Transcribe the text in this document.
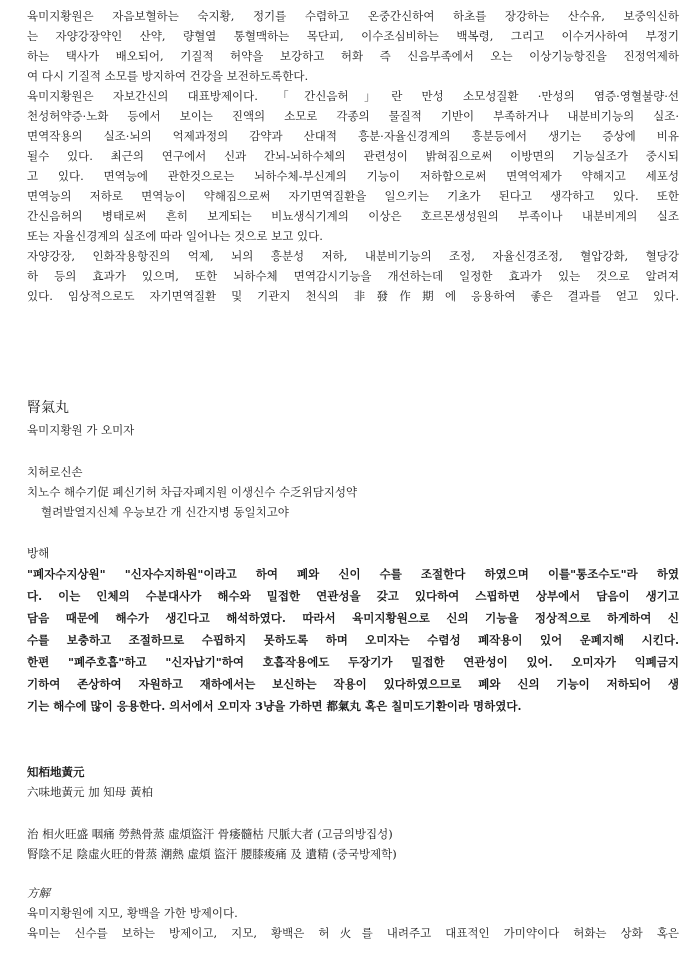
육미지황원은 자음보혈하는 숙지황, 정기를 수렴하고 온중간신하여 하초를 장강하는 산수유, 보중익신하
는 자양강장약인 산약, 량혈열 통혈맥하는 목단피, 이수조심비하는 백복령, 그리고 이수거사하여 부정기
하는 택사가 배오되어, 기질적 허약을 보강하고 허화 즉 신음부족에서 오는 이상기능항진을 진정억제하
여 다시 기질적 소모를 방지하여 건강을 보전하도록한다.
육미지황원은 자보간신의 대표방제이다. 「간신음허」란 만성 소모성질환 ·만성의 염증·영혈불량·선
천성허약증·노화 등에서 보이는 진액의 소모로 각종의 물질적 기반이 부족하거나 내분비기능의 실조·
면역작용의 실조·뇌의 억제과정의 감약과 산대적 흥분·자율신경계의 흥분등에서 생기는 증상에 비유
될수 있다. 최근의 연구에서 신과 간뇌-뇌하수체의 관련성이 밝혀짐으로써 이방면의 기능실조가 중시되
고 있다. 면역능에 관한것으로는 뇌하수체-부신계의 기능이 저하함으로써 면역억제가 약해지고 세포성
면역능의 저하로 면역능이 약해짐으로써 자기면역질환을 일으키는 기초가 된다고 생각하고 있다. 또한
간신음허의 병태로써 흔히 보게되는 비뇨생식기계의 이상은 호르몬생성원의 부족이나 내분비계의 실조
또는 자율신경계의 실조에 따라 일어나는 것으로 보고 있다.
자양강장, 인화작용항진의 억제, 뇌의 흥분성 저하, 내분비기능의 조정, 자율신경조정, 혈압강화, 혈당강
하 등의 효과가 있으며, 또한 뇌하수체 면역감시기능을 개선하는데 일정한 효과가 있는 것으로 알려져
있다. 임상적으로도 자기면역질환 및 기관지 천식의 非發作期에 응용하여 좋은 결과를 얻고 있다.
腎氣丸
육미지황원 가 오미자
치허로신손
치노수 해수기促 폐신기허 차급자폐지원 이생신수 수乏위담지성약
혈려발열지신체 우능보간 개 신간지병 동일치고야
방해
"폐자수지상원" "신자수지하원"이라고 하여 폐와 신이 수를 조절한다 하였으며 이를"통조수도"라 하였
다. 이는 인체의 수분대사가 해수와 밀접한 연관성을 갖고 있다하여 스핍하면 상부에서 담음이 생기고
담음 때문에 해수가 생긴다고 해석하였다. 따라서 육미지황원으로 신의 기능을 정상적으로 하게하여 신
수를 보충하고 조절하므로 수핍하지 못하도록 하며 오미자는 수렴성 폐작용이 있어 운폐지해 시킨다.
한편 "폐주호흡"하고 "신자납기"하여 호흡작용에도 두장기가 밀접한 연관성이 있어. 오미자가 익폐금지
기하여 존상하여 자원하고 재하에서는 보신하는 작용이 있다하였으므로 폐와 신의 기능이 저하되어 생
기는 해수에 많이 응용한다. 의서에서 오미자 3냥을 가하면 都氣丸 혹은 칠미도기환이라 명하였다.
知栢地黃元
六味地黃元 加 知母 黃柏
治 相火旺盛 咽痛 勞熱骨蒸 虛煩盜汗 骨痿髓枯 尺脈大者 (고금의방집성)
腎陰不足 陰虛火旺的骨蒸 潮熱 虛煩 盜汗 腰膝痠痛 及 遺精 (중국방제학)
方解
육미지황원에 지모, 황백을 가한 방제이다.
육미는 신수를 보하는 방제이고, 지모, 황백은 허火를 내려주고 대표적인 가미약이다 허화는 상화 혹은
